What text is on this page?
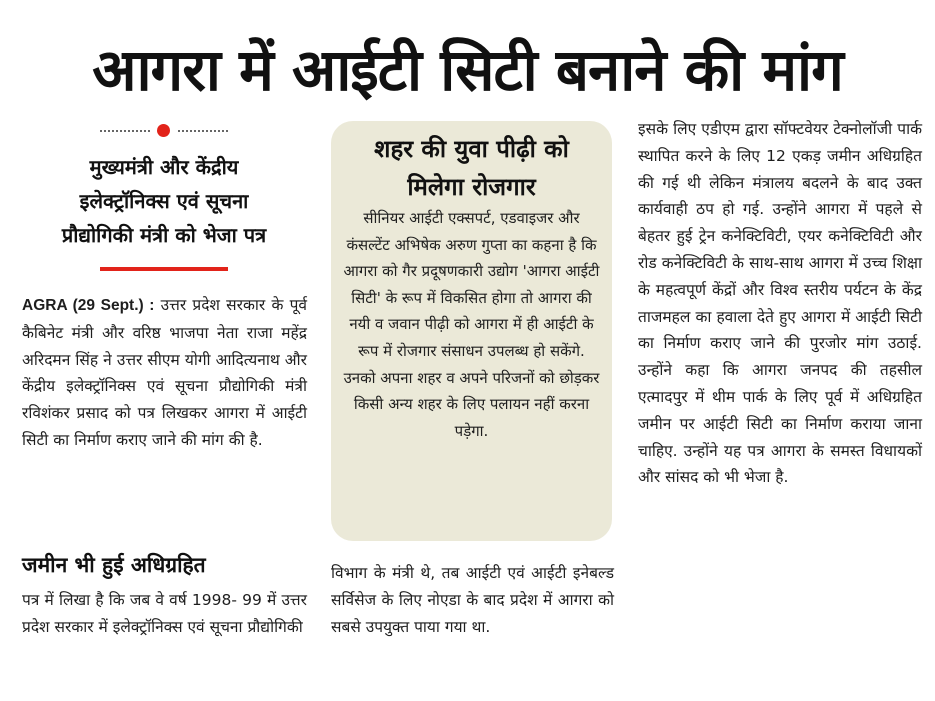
आगरा में आईटी सिटी बनाने की मांग
मुख्यमंत्री और केंद्रीय
इलेक्ट्रॉनिक्स एवं सूचना
प्रौद्योगिकी मंत्री को भेजा पत्र
AGRA (29 Sept.) : उत्तर प्रदेश सरकार के पूर्व कैबिनेट मंत्री और वरिष्ठ भाजपा नेता राजा महेंद्र अरिदमन सिंह ने उत्तर सीएम योगी आदित्यनाथ और केंद्रीय इलेक्ट्रॉनिक्स एवं सूचना प्रौद्योगिकी मंत्री रविशंकर प्रसाद को पत्र लिखकर आगरा में आईटी सिटी का निर्माण कराए जाने की मांग की है.
जमीन भी हुई अधिग्रहित
पत्र में लिखा है कि जब वे वर्ष 1998- 99 में उत्तर प्रदेश सरकार में इलेक्ट्रॉनिक्स एवं सूचना प्रौद्योगिकी
शहर की युवा पीढ़ी को
मिलेगा रोजगार
सीनियर आईटी एक्सपर्ट, एडवाइजर और कंसल्टेंट अभिषेक अरुण गुप्ता का कहना है कि आगरा को गैर प्रदूषणकारी उद्योग 'आगरा आईटी सिटी' के रूप में विकसित होगा तो आगरा की नयी व जवान पीढ़ी को आगरा में ही आईटी के रूप में रोजगार संसाधन उपलब्ध हो सकेंगे. उनको अपना शहर व अपने परिजनों को छोड़कर किसी अन्य शहर के लिए पलायन नहीं करना पड़ेगा.
विभाग के मंत्री थे, तब आईटी एवं आईटी इनेबल्ड सर्विसेज के लिए नोएडा के बाद प्रदेश में आगरा को सबसे उपयुक्त पाया गया था.
इसके लिए एडीएम द्वारा सॉफ्टवेयर टेक्नोलॉजी पार्क स्थापित करने के लिए 12 एकड़ जमीन अधिग्रहित की गई थी लेकिन मंत्रालय बदलने के बाद उक्त कार्यवाही ठप हो गई. उन्होंने आगरा में पहले से बेहतर हुई ट्रेन कनेक्टिविटी, एयर कनेक्टिविटी और रोड कनेक्टिविटी के साथ-साथ आगरा में उच्च शिक्षा के महत्वपूर्ण केंद्रों और विश्व स्तरीय पर्यटन के केंद्र ताजमहल का हवाला देते हुए आगरा में आईटी सिटी का निर्माण कराए जाने की पुरजोर मांग उठाई. उन्होंने कहा कि आगरा जनपद की तहसील एत्मादपुर में थीम पार्क के लिए पूर्व में अधिग्रहित जमीन पर आईटी सिटी का निर्माण कराया जाना चाहिए. उन्होंने यह पत्र आगरा के समस्त विधायकों और सांसद को भी भेजा है.
